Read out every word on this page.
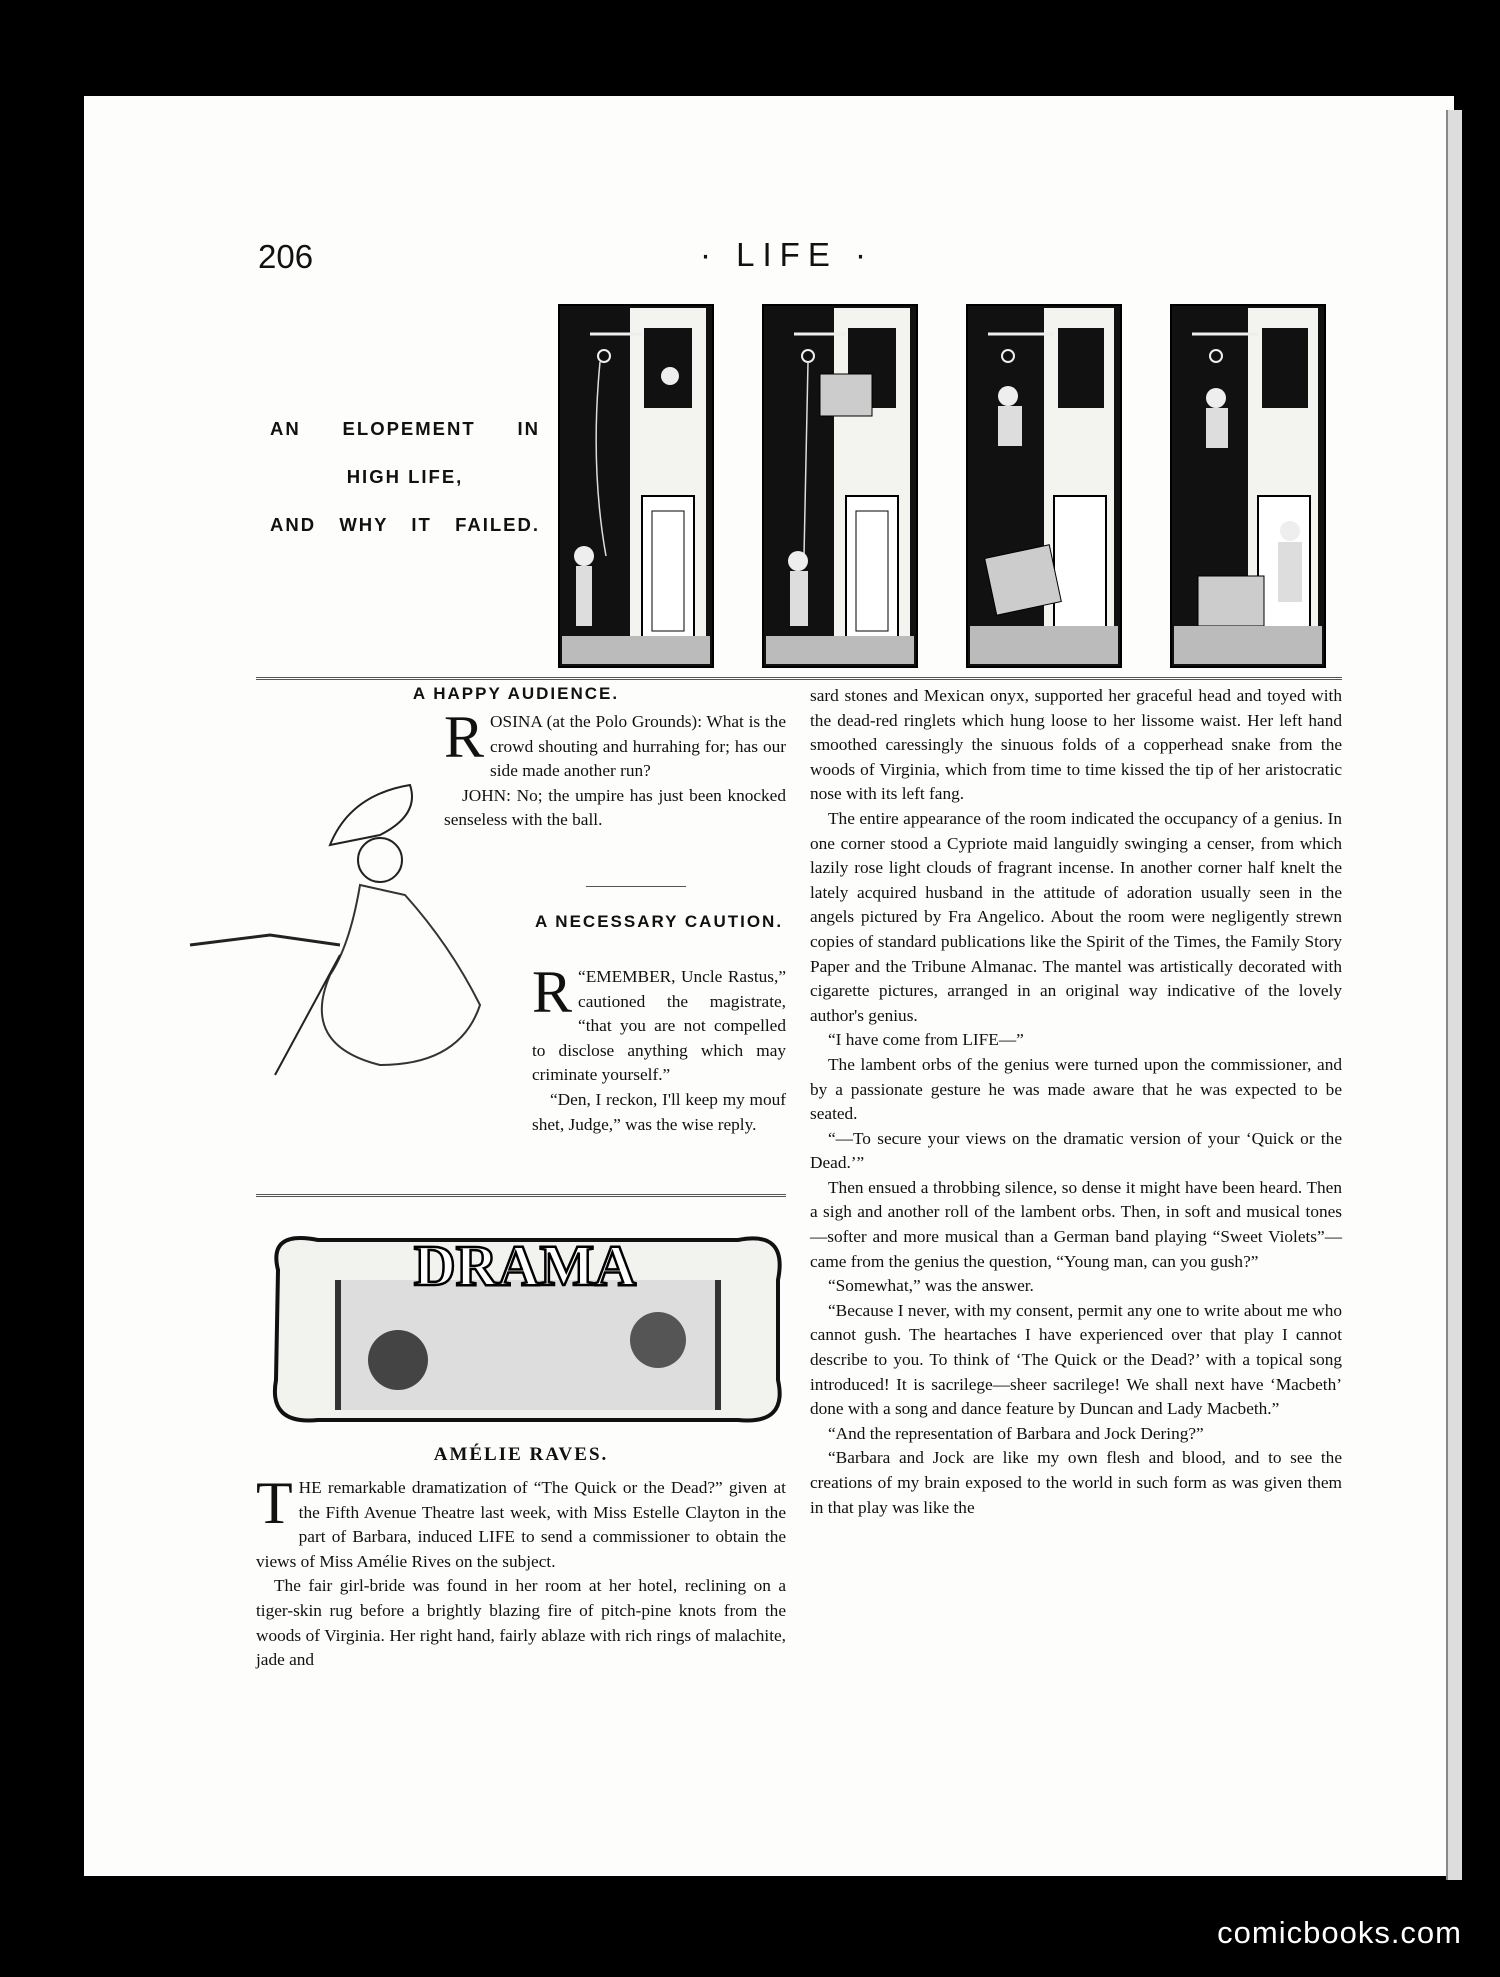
206	· LIFE ·
AN ELOPEMENT IN
HIGH LIFE,
AND WHY IT FAILED.
A HAPPY AUDIENCE.

ROSINA (at the Polo Grounds): What is the crowd shouting and hurrahing for; has our side made another run?

JOHN: No; the umpire has just been knocked senseless with the ball.

A NECESSARY CAUTION.

“
R EMEMBER, Uncle Rastus,” cautioned the magistrate, “that you are not compelled to disclose anything which may criminate yourself.”

“Den, I reckon, I'll keep my mouf shet, Judge,” was the wise reply.

DRAMA
AMÉLIE RAVES.

THE remarkable dramatization of “The Quick or the Dead?” given at the Fifth Avenue Theatre last week, with Miss Estelle Clayton in the part of Barbara, induced LIFE to send a commissioner to obtain the views of Miss Amélie Rives on the subject.

The fair girl-bride was found in her room at her hotel, reclining on a tiger-skin rug before a brightly blazing fire of pitch-pine knots from the woods of Virginia. Her right hand, fairly ablaze with rich rings of malachite, jade and

sard stones and Mexican onyx, supported her graceful head and toyed with the dead-red ringlets which hung loose to her lissome waist. Her left hand smoothed caressingly the sinuous folds of a copperhead snake from the woods of Virginia, which from time to time kissed the tip of her aristocratic nose with its left fang.

The entire appearance of the room indicated the occupancy of a genius. In one corner stood a Cypriote maid languidly swinging a censer, from which lazily rose light clouds of fragrant incense. In another corner half knelt the lately acquired husband in the attitude of adoration usually seen in the angels pictured by Fra Angelico. About the room were negligently strewn copies of standard publications like the Spirit of the Times, the Family Story Paper and the Tribune Almanac. The mantel was artistically decorated with cigarette pictures, arranged in an original way indicative of the lovely author's genius.

“I have come from LIFE—”

The lambent orbs of the genius were turned upon the commissioner, and by a passionate gesture he was made aware that he was expected to be seated.

“—To secure your views on the dramatic version of your ‘Quick or the Dead.’”

Then ensued a throbbing silence, so dense it might have been heard. Then a sigh and another roll of the lambent orbs. Then, in soft and musical tones—softer and more musical than a German band playing “Sweet Violets”—came from the genius the question, “Young man, can you gush?”

“Somewhat,” was the answer.

“Because I never, with my consent, permit any one to write about me who cannot gush. The heartaches I have experienced over that play I cannot describe to you. To think of ‘The Quick or the Dead?’ with a topical song introduced! It is sacrilege—sheer sacrilege! We shall next have ‘Macbeth’ done with a song and dance feature by Duncan and Lady Macbeth.”

“And the representation of Barbara and Jock Dering?”

“Barbara and Jock are like my own flesh and blood, and to see the creations of my brain exposed to the world in such form as was given them in that play was like the

comicbooks.com
